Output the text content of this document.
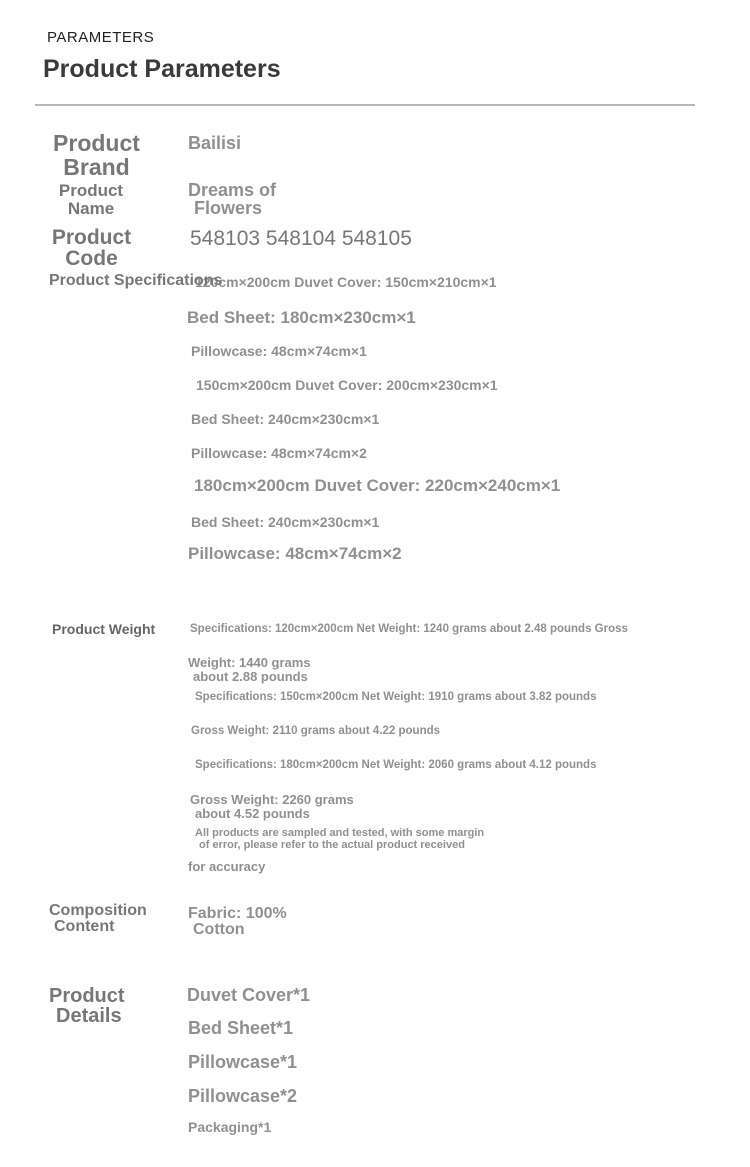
PARAMETERS
Product Parameters
Product
Brand
Bailisi
Product
Name
Dreams of
Flowers
Product
Code
548103 548104 548105
120cm×200cm Duvet Cover: 150cm×210cm×1
Product Specifications
Bed Sheet: 180cm×230cm×1
Pillowcase: 48cm×74cm×1
150cm×200cm Duvet Cover: 200cm×230cm×1
Bed Sheet: 240cm×230cm×1
Pillowcase: 48cm×74cm×2
180cm×200cm Duvet Cover: 220cm×240cm×1
Bed Sheet: 240cm×230cm×1
Pillowcase: 48cm×74cm×2
Product Weight	Specifications: 120cm×200cm Net Weight: 1240 grams about 2.48 pounds Gross
Weight: 1440 grams
about 2.88 pounds
Specifications: 150cm×200cm Net Weight: 1910 grams about 3.82 pounds
Gross Weight: 2110 grams about 4.22 pounds
Specifications: 180cm×200cm Net Weight: 2060 grams about 4.12 pounds
Gross Weight: 2260 grams
about 4.52 pounds
All products are sampled and tested, with some margin
of error, please refer to the actual product received
for accuracy
Composition
Content
Fabric: 100%
Cotton
Product
Details
Duvet Cover*1
Bed Sheet*1
Pillowcase*1
Pillowcase*2
Packaging*1
